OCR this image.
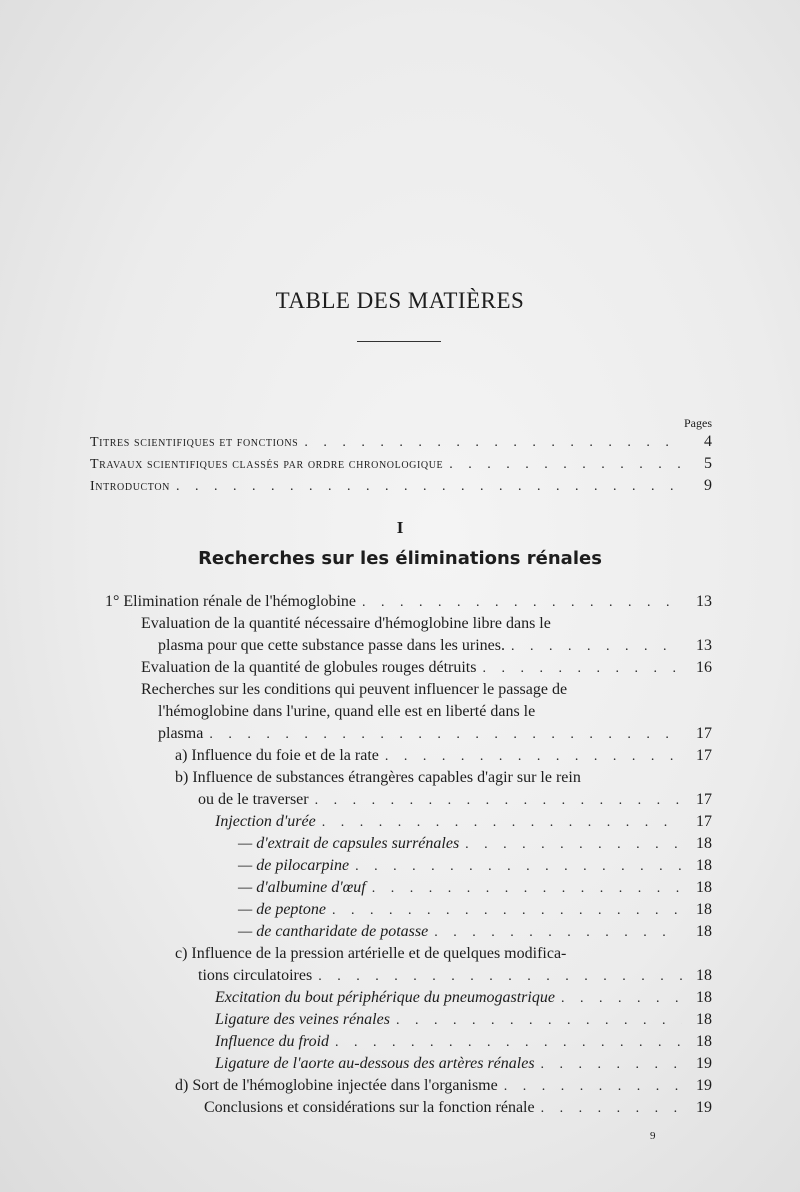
TABLE DES MATIÈRES
Pages
Titres scientifiques et fonctions . . .	4
Travaux scientifiques classés par ordre chronologique . . .	5
Introducton . . .	9
I
Recherches sur les éliminations rénales
1° Elimination rénale de l'hémoglobine . . .	13
Evaluation de la quantité nécessaire d'hémoglobine libre dans le
plasma pour que cette substance passe dans les urines. . . .	13
Evaluation de la quantité de globules rouges détruits . . .	16
Recherches sur les conditions qui peuvent influencer le passage de
l'hémoglobine dans l'urine, quand elle est en liberté dans le
plasma . . .	17
a) Influence du foie et de la rate . . .	17
b) Influence de substances étrangères capables d'agir sur le rein
ou de le traverser . . .	17
Injection d'urée . . .	17
— d'extrait de capsules surrénales . . .	18
— de pilocarpine . . .	18
— d'albumine d'œuf . . .	18
— de peptone . . .	18
— de cantharidate de potasse . . .	18
c) Influence de la pression artérielle et de quelques modifica-
tions circulatoires . . .	18
Excitation du bout périphérique du pneumogastrique . . .	18
Ligature des veines rénales . . .	18
Influence du froid . . .	18
Ligature de l'aorte au-dessous des artères rénales . . .	19
d) Sort de l'hémoglobine injectée dans l'organisme . . .	19
Conclusions et considérations sur la fonction rénale . . .	19
9
